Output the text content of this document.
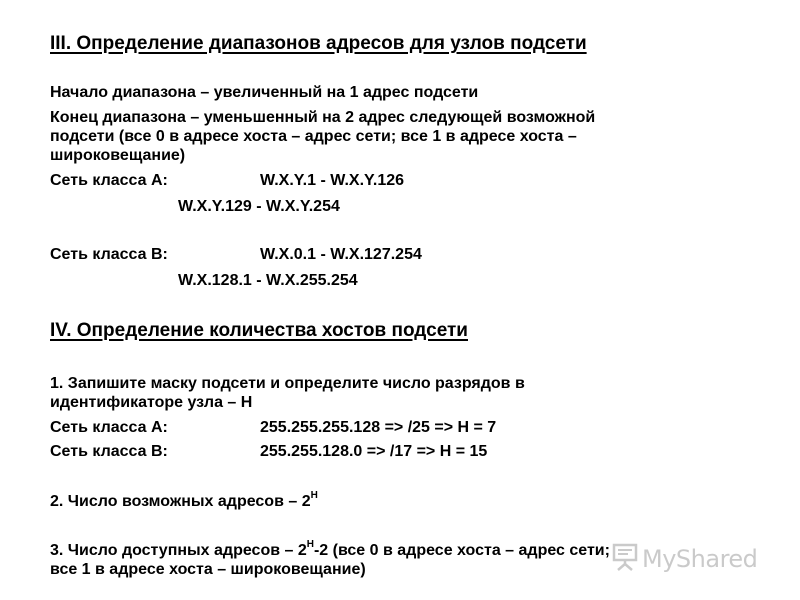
III. Определение диапазонов адресов для узлов подсети
Начало диапазона – увеличенный на 1 адрес подсети
Конец диапазона – уменьшенный на 2 адрес следующей возможной
подсети (все 0 в адресе хоста – адрес сети; все 1 в адресе хоста –
широковещание)
Сеть класса А:	W.X.Y.1 - W.X.Y.126
W.X.Y.129 - W.X.Y.254
Сеть класса В:	W.X.0.1 - W.X.127.254
W.X.128.1 - W.X.255.254
IV. Определение количества хостов подсети
1. Запишите маску подсети и определите число разрядов в
идентификаторе узла – H
Сеть класса А:	255.255.255.128 => /25 => H = 7
Сеть класса В:	255.255.128.0 => /17 => H = 15
2. Число возможных адресов – $2^H$
3. Число доступных адресов – $2^H-2$ (все 0 в адресе хоста – адрес сети;
все 1 в адресе хоста – широковещание)	MyShared
